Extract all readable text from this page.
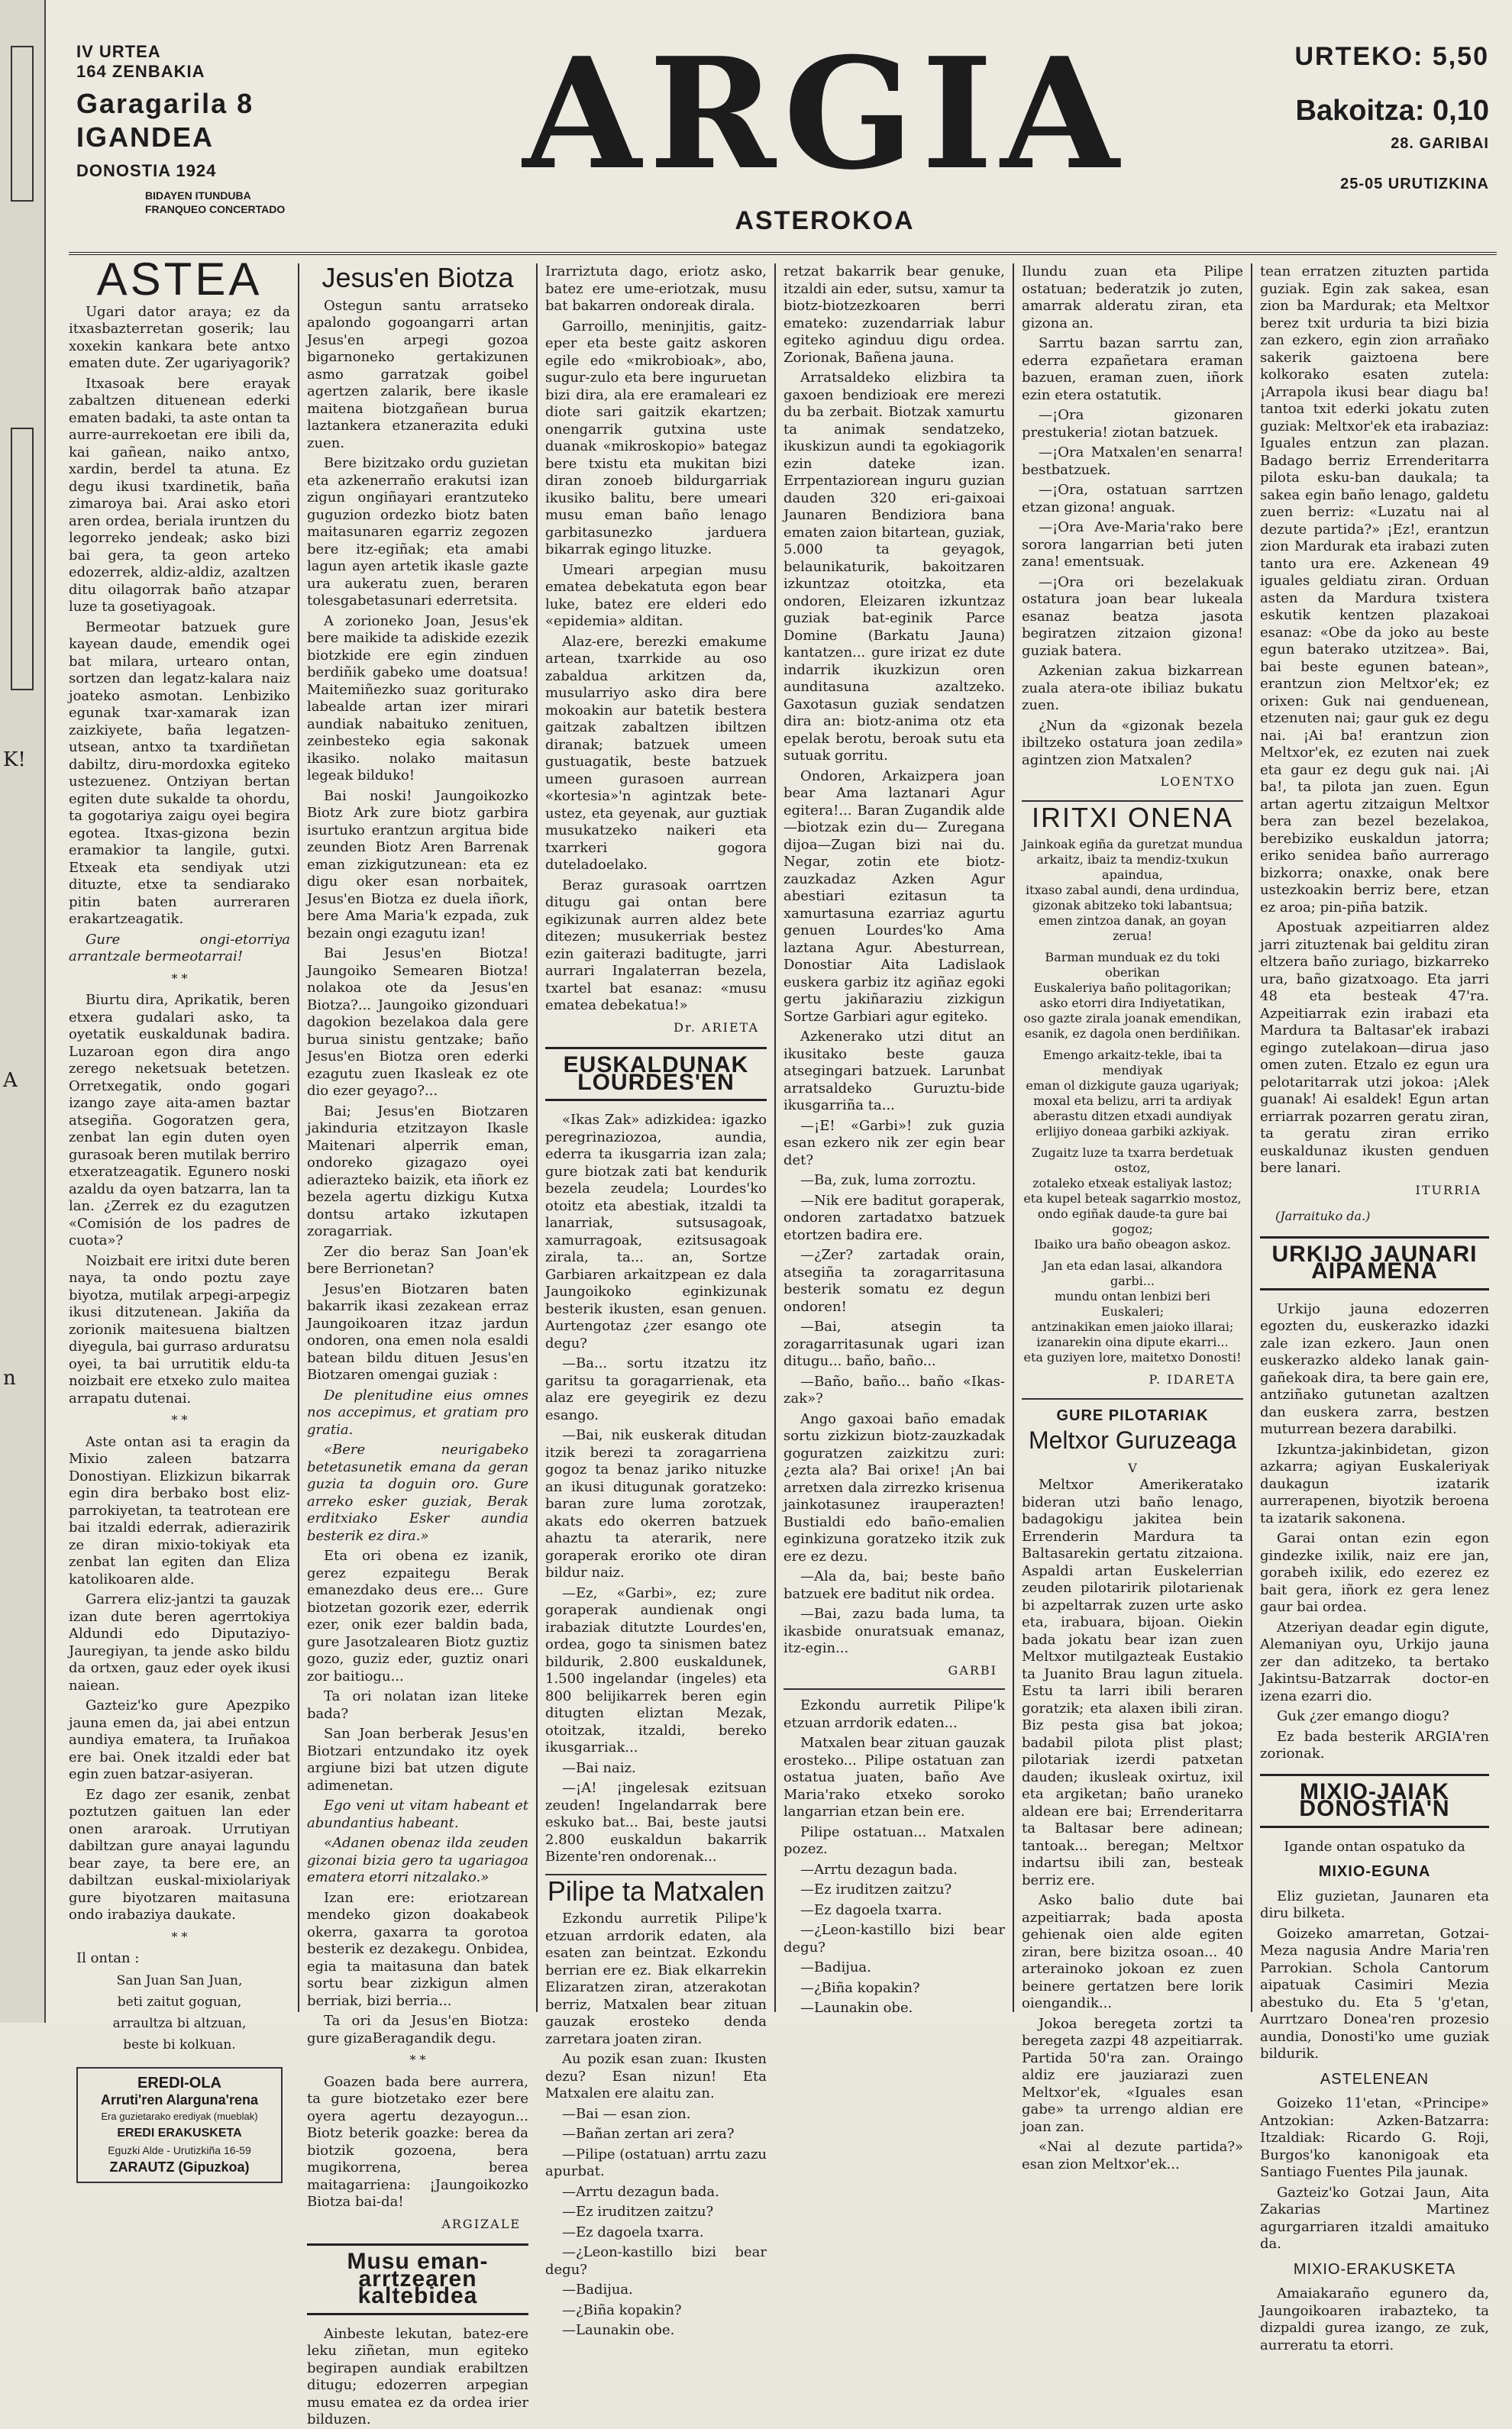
K!
A
n
IV URTEA
164 ZENBAKIA
Garagarila 8
IGANDEA
DONOSTIA 1924
BIDAYEN ITUNDUBA
FRANQUEO CONCERTADO
ARGIA
ASTEROKOA
URTEKO: 5,50
Bakoitza: 0,10
28. GARIBAI
25-05 URUTIZKINA
ASTEA

Ugari dator araya; ez da itxasbazterretan goserik; lau xoxekin kankara bete antxo ematen dute. Zer ugariyagorik?

Itxasoak bere erayak zabaltzen dituenean ederki ematen badaki, ta aste ontan ta aurre-aurrekoetan ere ibili da, kai gañean, naiko antxo, xardin, berdel ta atuna. Ez degu ikusi txardinetik, baña zimaroya bai. Arai asko etori aren ordea, beriala iruntzen du legorreko jendeak; asko bizi bai gera, ta geon arteko edozerrek, aldiz-aldiz, azaltzen ditu oilagorrak baño atzapar luze ta gosetiyagoak.

Bermeotar batzuek gure kayean daude, emendik ogei bat milara, urtearo ontan, sortzen dan legatz-kalara naiz joateko asmotan. Lenbiziko egunak txar-xamarak izan zaizkiyete, baña legatzen-utsean, antxo ta txardiñetan dabiltz, diru-mordoxka egiteko ustezuenez. Ontziyan bertan egiten dute sukalde ta ohordu, ta gogotariya zaigu oyei begira egotea. Itxas-gizona bezin eramakior ta langile, gutxi. Etxeak eta sendiyak utzi dituzte, etxe ta sendiarako pitin baten aurreraren erakartzeagatik.

Gure ongi-etorriya arrantzale bermeotarrai!

* *

Biurtu dira, Aprikatik, beren etxera gudalari asko, ta oyetatik euskaldunak badira. Luzaroan egon dira ango zerego neketsuak betetzen. Orretxegatik, ondo gogari izango zaye aita-amen baztar atsegiña. Gogoratzen gera, zenbat lan egin duten oyen gurasoak beren mutilak berriro etxeratzeagatik. Egunero noski azaldu da oyen batzarra, lan ta lan. ¿Zerrek ez du ezagutzen «Comisión de los padres de cuota»?

Noizbait ere iritxi dute beren naya, ta ondo poztu zaye biyotza, mutilak arpegi-arpegiz ikusi ditzutenean. Jakiña da zorionik maitesuena bialtzen diyegula, bai gurraso arduratsu oyei, ta bai urrutitik eldu-ta noizbait ere etxeko zulo maitea arrapatu dutenai.

* *

Aste ontan asi ta eragin da Mixio zaleen batzarra Donostiyan. Elizkizun bikarrak egin dira berbako bost eliz-parrokiyetan, ta teatrotean ere bai itzaldi ederrak, adierazirik ze diran mixio-tokiyak eta zenbat lan egiten dan Eliza katolikoaren alde.

Garrera eliz-jantzi ta gauzak izan dute beren agerrtokiya Aldundi edo Diputaziyo-Jauregiyan, ta jende asko bildu da ortxen, gauz eder oyek ikusi naiean.

Gazteiz'ko gure Apezpiko jauna emen da, jai abei entzun aundiya ematera, ta Iruñakoa ere bai. Onek itzaldi eder bat egin zuen batzar-asiyeran.

Ez dago zer esanik, zenbat poztutzen gaituen lan eder onen araroak. Urrutiyan dabiltzan gure anayai lagundu bear zaye, ta bere ere, an dabiltzan euskal-mixiolariyak gure biyotzaren maitasuna ondo irabaziya daukate.

* *
Il ontan :
San Juan San Juan,
beti zaitut goguan,
arraultza bi altzuan,
beste bi kolkuan.
EREDI-OLA
Arruti'ren Alarguna'rena
Era guzietarako erediyak (mueblak)
EREDI ERAKUSKETA
Eguzki Alde - Urutizkiña 16-59
ZARAUTZ (Gipuzkoa)
Jesus'en Biotza

Ostegun santu arratseko apalondo gogoangarri artan Jesus'en arpegi gozoa bigarnoneko gertakizunen asmo garratzak goibel agertzen zalarik, bere ikasle maitena biotzgañean burua laztankera etzanerazita eduki zuen.

Bere bizitzako ordu guzietan eta azkenerraño erakutsi izan zigun ongiñayari erantzuteko guguzion ordezko biotz baten maitasunaren egarriz zegozen bere itz-egiñak; eta amabi lagun ayen artetik ikasle gazte ura aukeratu zuen, beraren tolesgabetasunari ederretsita.

A zorioneko Joan, Jesus'ek bere maikide ta adiskide ezezik biotzkide ere egin zinduen berdiñik gabeko ume doatsua! Maitemiñezko suaz goriturako labealde artan izer mirari aundiak nabaituko zenituen, zeinbesteko egia sakonak ikasiko. nolako maitasun legeak bilduko!

Bai noski! Jaungoikozko Biotz Ark zure biotz garbira isurtuko erantzun argitua bide zeunden Biotz Aren Barrenak eman zizkigutzunean: eta ez digu oker esan norbaitek, Jesus'en Biotza ez duela iñork, bere Ama Maria'k ezpada, zuk bezain ongi ezagutu izan!

Bai Jesus'en Biotza! Jaungoiko Semearen Biotza! nolakoa ote da Jesus'en Biotza?... Jaungoiko gizonduari dagokion bezelakoa dala gere burua sinistu gentzake; baño Jesus'en Biotza oren ederki ezagutu zuen Ikasleak ez ote dio ezer geyago?...

Bai; Jesus'en Biotzaren jakinduria etzitzayon Ikasle Maitenari alperrik eman, ondoreko gizagazo oyei adierazteko baizik, eta iñork ez bezela agertu dizkigu Kutxa dontsu artako izkutapen zoragarriak.

Zer dio beraz San Joan'ek bere Berrionetan?

Jesus'en Biotzaren baten bakarrik ikasi zezakean erraz Jaungoikoaren itzaz jardun ondoren, ona emen nola esaldi batean bildu dituen Jesus'en Biotzaren omengai guziak :

De plenitudine eius omnes nos accepimus, et gratiam pro gratia.

«Bere neurigabeko betetasunetik emana da geran guzia ta doguin oro. Gure arreko esker guziak, Berak erditxiako Esker aundia besterik ez dira.»

Eta ori obena ez izanik, gerez ezpaitegu Berak emanezdako deus ere... Gure biotzetan gozorik ezer, ederrik ezer, onik ezer baldin bada, gure Jasotzalearen Biotz guztiz gozo, guziz eder, guztiz onari zor baitiogu...

Ta ori nolatan izan liteke bada?

San Joan berberak Jesus'en Biotzari entzundako itz oyek argiune bizi bat utzen digute adimenetan.

Ego veni ut vitam habeant et abundantius habeant.

«Adanen obenaz ilda zeuden gizonai bizia gero ta ugariagoa ematera etorri nitzalako.»

Izan ere: eriotzarean mendeko gizon doakabeok okerra, gaxarra ta gorotoa besterik ez dezakegu. Onbidea, egia ta maitasuna dan batek sortu bear zizkigun almen berriak, bizi berria...

Ta ori da Jesus'en Biotza: gure gizaBeragandik degu.

* *

Goazen bada bere aurrera, ta gure biotzetako ezer bere oyera agertu dezayogun... Biotz beterik goazke: berea da biotzik gozoena, bera mugikorrena, berea maitagarriena: ¡Jaungoikozko Biotza bai-da!

ARGIZALE
Musu eman-arrtzearen kaltebidea

Ainbeste lekutan, batez-ere leku ziñetan, mun egiteko begirapen aundiak erabiltzen ditugu; edozerren arpegian musu ematea ez da ordea irier bilduzen.

Irarriztuta dago, eriotz asko, batez ere ume-eriotzak, musu bat bakarren ondoreak dirala.

Garroillo, meninjitis, gaitz-eper eta beste gaitz askoren egile edo «mikrobioak», abo, sugur-zulo eta bere inguruetan bizi dira, ala ere eramaleari ez diote sari gaitzik ekartzen; onengarrik gutxina uste duanak «mikroskopio» bategaz bere txistu eta mukitan bizi diran zonoeb bildurgarriak ikusiko balitu, bere umeari musu eman baño lenago garbitasunezko jarduera bikarrak egingo lituzke.

Umeari arpegian musu ematea debekatuta egon bear luke, batez ere elderi edo «epidemia» alditan.

Alaz-ere, berezki emakume artean, txarrkide au oso zabaldua arkitzen da, musularriyo asko dira bere mokoakin aur batetik bestera gaitzak zabaltzen ibiltzen diranak; batzuek umeen gustuagatik, beste batzuek umeen gurasoen aurrean «kortesia»'n agintzak bete-ustez, eta geyenak, aur guztiak musukatzeko naikeri eta txarrkeri gogora duteladoelako.

Beraz gurasoak oarrtzen ditugu gai ontan bere egikizunak aurren aldez bete ditezen; musukerriak bestez ezin gaiterazi baditugte, jarri aurrari Ingalaterran bezela, txartel bat esanaz: «musu ematea debekatua!»

Dr. ARIETA
EUSKALDUNAK LOURDES'EN

«Ikas Zak» adizkidea: igazko peregrinaziozoa, aundia, ederra ta ikusgarria izan zala; gure biotzak zati bat kendurik bezela zeudela; Lourdes'ko otoitz eta abestiak, itzaldi ta lanarriak, sutsusagoak, xamurragoak, ezitsusagoak zirala, ta... an, Sortze Garbiaren arkaitzpean ez dala Jaungoikoko eginkizunak besterik ikusten, esan genuen. Aurtengotaz ¿zer esango ote degu?

—Ba... sortu itzatzu itz garitsu ta goragarrienak, eta alaz ere geyegirik ez dezu esango.

—Bai, nik euskerak ditudan itzik berezi ta zoragarriena gogoz ta benaz jariko nituzke an ikusi ditugunak goratzeko: baran zure luma zorotzak, akats edo okerren batzuek ahaztu ta aterarik, nere goraperak eroriko ote diran bildur naiz.

—Ez, «Garbi», ez; zure goraperak aundienak ongi irabaziak ditutzte Lourdes'en, ordea, gogo ta sinismen batez bildurik, 2.800 euskaldunek, 1.500 ingelandar (ingeles) eta 800 belijikarrek beren egin ditugten eliztan Mezak, otoitzak, itzaldi, bereko ikusgarriak...

—Bai naiz.

—¡A! ¡ingelesak ezitsuan zeuden! Ingelandarrak bere eskuko bat... Bai, beste jautsi 2.800 euskaldun bakarrik Bizente'ren ondorenak...

Pilipe ta Matxalen

Ezkondu aurretik Pilipe'k etzuan arrdorik edaten, ala esaten zan beintzat. Ezkondu berrian ere ez. Biak elkarrekin Elizaratzen ziran, atzerakotan berriz, Matxalen bear zituan gauzak erosteko denda zarretara joaten ziran.

Au pozik esan zuan: Ikusten dezu? Esan nizun! Eta Matxalen ere alaitu zan.

—Bai — esan zion.

—Bañan zertan ari zera?

—Pilipe (ostatuan) arrtu zazu apurbat.

—Arrtu dezagun bada.

—Ez iruditzen zaitzu?

—Ez dagoela txarra.

—¿Leon-kastillo bizi bear degu?

—Badijua.

—¿Biña kopakin?

—Launakin obe.

retzat bakarrik bear genuke, itzaldi ain eder, sutsu, xamur ta biotz-biotzezkoaren berri emateko: zuzendarriak labur egiteko aginduu digu ordea. Zorionak, Bañena jauna.

Arratsaldeko elizbira ta gaxoen bendizioak ere merezi du ba zerbait. Biotzak xamurtu ta animak sendatzeko, ikuskizun aundi ta egokiagorik ezin dateke izan. Errpentaziorean inguru guzian dauden 320 eri-gaixoai Jaunaren Bendiziora bana ematen zaion bitartean, guziak, 5.000 ta geyagok, belaunikaturik, bakoitzaren izkuntzaz otoitzka, eta ondoren, Eleizaren izkuntzaz guziak bat-eginik Parce Domine (Barkatu Jauna) kantatzen... gure irizat ez dute indarrik ikuzkizun oren aunditasuna azaltzeko. Gaxotasun guziak sendatzen dira an: biotz-anima otz eta epelak berotu, beroak sutu eta sutuak gorritu.

Ondoren, Arkaizpera joan bear Ama laztanari Agur egitera!... Baran Zugandik alde—biotzak ezin du— Zuregana dijoa—Zugan bizi nai du. Negar, zotin ete biotz-zauzkadaz Azken Agur abestiari ezitasun ta xamurtasuna ezarriaz agurtu genuen Lourdes'ko Ama laztana Agur. Abesturrean, Donostiar Aita Ladislaok euskera garbiz itz agiñaz egoki gertu jakiñaraziu zizkigun Sortze Garbiari agur egiteko.

Azkenerako utzi ditut an ikusitako beste gauza atsegingari batzuek. Larunbat arratsaldeko Guruztu-bide ikusgarriña ta...

—¡E! «Garbi»! zuk guzia esan ezkero nik zer egin bear det?

—Ba, zuk, luma zorroztu.

—Nik ere baditut goraperak, ondoren zartadatxo batzuek etortzen badira ere.

—¿Zer? zartadak orain, atsegiña ta zoragarritasuna besterik somatu ez degun ondoren!

—Bai, atsegin ta zoragarritasunak ugari izan ditugu... baño, baño...

—Baño, baño... baño «Ikas-zak»?

Ango gaxoai baño emadak sortu zizkizun biotz-zauzkadak goguratzen zaizkitzu zuri: ¿ezta ala? Bai orixe! ¡An bai arretxen dala zirrezko krisenua jainkotasunez irauperazten! Bustialdi edo baño-emalien eginkizuna goratzeko itzik zuk ere ez dezu.

—Ala da, bai; beste baño batzuek ere baditut nik ordea.

—Bai, zazu bada luma, ta ikasbide onuratsuak emanaz, itz-egin...

GARBI

Ezkondu aurretik Pilipe'k etzuan arrdorik edaten...

Matxalen bear zituan gauzak erosteko... Pilipe ostatuan zan ostatua juaten, baño Ave Maria'rako etxeko soroko langarrian etzan bein ere.

Pilipe ostatuan... Matxalen pozez.

—Arrtu dezagun bada.

—Ez iruditzen zaitzu?

—Ez dagoela txarra.

—¿Leon-kastillo bizi bear degu?

—Badijua.

—¿Biña kopakin?

—Launakin obe.

Ilundu zuan eta Pilipe ostatuan; bederatzik jo zuten, amarrak alderatu ziran, eta gizona an.

Sarrtu bazan sarrtu zan, ederra ezpañetara eraman bazuen, eraman zuen, iñork ezin etera ostatutik.

—¡Ora gizonaren prestukeria! ziotan batzuek.

—¡Ora Matxalen'en senarra! bestbatzuek.

—¡Ora, ostatuan sarrtzen etzan gizona! anguak.

—¡Ora Ave-Maria'rako bere sorora langarrian beti juten zana! ementsuak.

—¡Ora ori bezelakuak ostatura joan bear lukeala esanaz beatza jasota begiratzen zitzaion gizona! guziak batera.

Azkenian zakua bizkarrean zuala atera-ote ibiliaz bukatu zuen.

¿Nun da «gizonak bezela ibiltzeko ostatura joan zedila» agintzen zion Matxalen?

LOENTXO
IRITXI ONENA
Jainkoak egiña da guretzat mundua
arkaitz, ibaiz ta mendiz-txukun apaindua,
itxaso zabal aundi, dena urdindua,
gizonak abitzeko toki labantsua;
emen zintzoa danak, an goyan zerua!
Barman munduak ez du toki oberikan
Euskaleriya baño politagorikan;
asko etorri dira Indiyetatikan,
oso gazte zirala joanak emendikan,
esanik, ez dagola onen berdiñikan.
Emengo arkaitz-tekle, ibai ta mendiyak
eman ol dizkigute gauza ugariyak;
moxal eta belizu, arri ta ardiyak
aberastu ditzen etxadi aundiyak
erlijiyo doneaa garbiki azkiyak.
Zugaitz luze ta txarra berdetuak ostoz,
zotaleko etxeak estaliyak lastoz;
eta kupel beteak sagarrkio mostoz,
ondo egiñak daude-ta gure bai gogoz;
Ibaiko ura baño obeagon askoz.
Jan eta edan lasai, alkandora garbi...
mundu ontan lenbizi beri Euskaleri;
antzinakikan emen jaioko illarai;
izanarekin oina dipute ekarri...
eta guziyen lore, maitetxo Donosti!
P. IDARETA
GURE PILOTARIAK
Meltxor Guruzeaga
V

Meltxor Amerikeratako bideran utzi baño lenago, badagokigu jakitea bein Errenderin Mardura ta Baltasarekin gertatu zitzaiona. Aspaldi artan Euskelerrian zeuden pilotaririk pilotarienak bi azpeltarrak zuzen urte asko eta, irabuara, bijoan. Oiekin bada jokatu bear izan zuen Meltxor mutilgazteak Eustakio ta Juanito Brau lagun zituela. Estu ta larri ibili beraren goratzik; eta alaxen ibili ziran. Biz pesta gisa bat jokoa; badabil pilota plist plast; pilotariak izerdi patxetan dauden; ikusleak oxirtuz, ixil eta argiketan; baño uraneko aldean ere bai; Errenderitarra ta Baltasar bere adinean; tantoak... beregan; Meltxor indartsu ibili zan, besteak berriz ere.

Asko balio dute bai azpeitiarrak; bada aposta gehienak oien alde egiten ziran, bere bizitza osoan... 40 arterainoko jokoan ez zuen beinere gertatzen bere lorik oiengandik...

Jokoa beregeta zortzi ta beregeta zazpi 48 azpeitiarrak. Partida 50'ra zan. Oraingo aldiz ere jauziarazi zuen Meltxor'ek, «Iguales esan gabe» ta urrengo aldian ere joan zan.

«Nai al dezute partida?» esan zion Meltxor'ek...

tean erratzen zituzten partida guziak. Egin zak sakea, esan zion ba Mardurak; eta Meltxor berez txit urduria ta bizi bizia zan ezkero, egin zion arrañako sakerik gaiztoena bere kolkorako esaten zutela: ¡Arrapola ikusi bear diagu ba! tantoa txit ederki jokatu zuten guziak: Meltxor'ek eta irabaziaz: Iguales entzun zan plazan. Badago berriz Errenderitarra pilota esku-ban daukala; ta sakea egin baño lenago, galdetu zuen berriz: «Luzatu nai al dezute partida?» ¡Ez!, erantzun zion Mardurak eta irabazi zuten tanto ura ere. Azkenean 49 iguales geldiatu ziran. Orduan asten da Mardura txistera eskutik kentzen plazakoai esanaz: «Obe da joko au beste egun baterako utzitzea». Bai, bai beste egunen batean», erantzun zion Meltxor'ek; ez orixen: Guk nai genduenean, etzenuten nai; gaur guk ez degu nai. ¡Ai ba! erantzun zion Meltxor'ek, ez ezuten nai zuek eta gaur ez degu guk nai. ¡Ai ba!, ta pilota jan zuen. Egun artan agertu zitzaigun Meltxor bera zan bezel bezelakoa, berebiziko euskaldun jatorra; eriko senidea baño aurrerago bizkorra; onaxke, onak bere ustezkoakin berriz bere, etzan ez aroa; pin-piña batzik.

Apostuak azpeitiarren aldez jarri zituztenak bai gelditu ziran eltzera baño zuriago, bizkarreko ura, baño gizatxoago. Eta jarri 48 eta besteak 47'ra. Azpeitiarrak ezin irabazi eta Mardura ta Baltasar'ek irabazi egingo zutelakoan—dirua jaso omen zuten. Etzalo ez egun ura pelotaritarrak utzi jokoa: ¡Alek guanak! Ai esaldek! Egun artan erriarrak pozarren geratu ziran, ta geratu ziran erriko euskaldunaz ikusten genduen bere lanari.

ITURRIA
(Jarraituko da.)
URKIJO JAUNARI AIPAMENA

Urkijo jauna edozerren egozten du, euskerazko idazki zale izan ezkero. Jaun onen euskerazko aldeko lanak gain-gañekoak dira, ta bere gain ere, antziñako gutunetan azaltzen dan euskera zarra, bestzen muturrean bezera darabilki.

Izkuntza-jakinbidetan, gizon azkarra; agiyan Euskaleriyak daukagun izatarik aurrerapenen, biyotzik beroena ta izatarik sakonena.

Garai ontan ezin egon gindezke ixilik, naiz ere jan, gorabeh ixilik, edo ezerez ez bait gera, iñork ez gera lenez gaur bai ordea.

Atzeriyan deadar egin digute, Alemaniyan oyu, Urkijo jauna zer dan aditzeko, ta bertako Jakintsu-Batzarrak doctor-en izena ezarri dio.

Guk ¿zer emango diogu?

Ez bada besterik ARGIA'ren zorionak.

MIXIO-JAIAK DONOSTIA'N
Igande ontan ospatuko da
MIXIO-EGUNA

Eliz guzietan, Jaunaren eta diru bilketa.

Goizeko amarretan, Gotzai-Meza nagusia Andre Maria'ren Parrokian. Schola Cantorum aipatuak Casimiri Mezia abestuko du. Eta 5 'g'etan, Aurrtzaro Donea'ren prozesio aundia, Donosti'ko ume guziak bildurik.

ASTELENEAN

Goizeko 11'etan, «Principe» Antzokian: Azken-Batzarra: Itzaldiak: Ricardo G. Roji, Burgos'ko kanonigoak eta Santiago Fuentes Pila jaunak.

Gazteiz'ko Gotzai Jaun, Aita Zakarias Martinez agurgarriaren itzaldi amaituko da.

MIXIO-ERAKUSKETA

Amaiakaraño egunero da, Jaungoikoaren irabazteko, ta dizpaldi gurea izango, ze zuk, aurreratu ta etorri.
